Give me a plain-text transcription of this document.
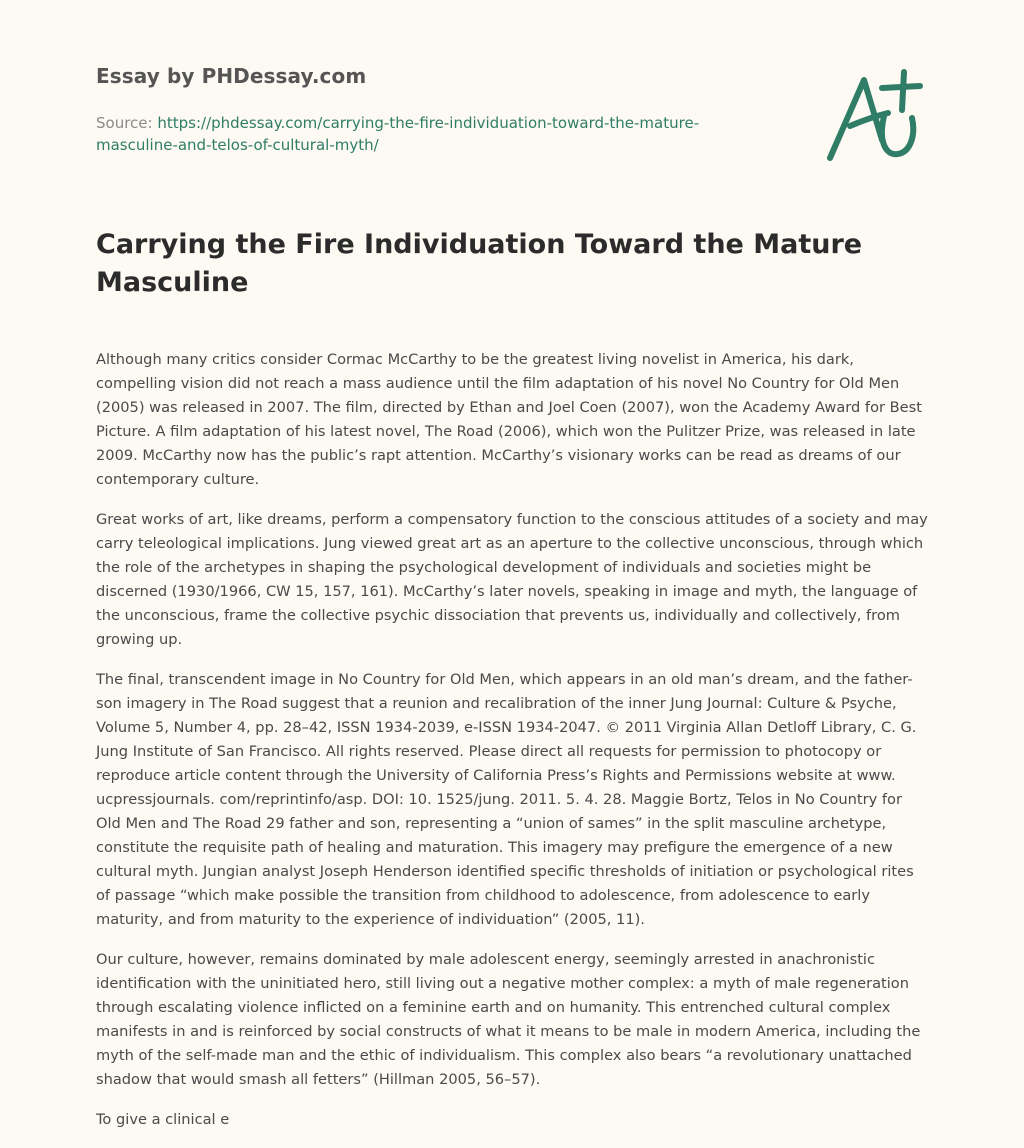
Essay by PHDessay.com
Source: https://phdessay.com/carrying-the-fire-individuation-toward-the-mature-
masculine-and-telos-of-cultural-myth/
Carrying the Fire Individuation Toward the Mature Masculine

Although many critics consider Cormac McCarthy to be the greatest living novelist in America, his dark, compelling vision did not reach a mass audience until the film adaptation of his novel No Country for Old Men (2005) was released in 2007. The film, directed by Ethan and Joel Coen (2007), won the Academy Award for Best Picture. A film adaptation of his latest novel, The Road (2006), which won the Pulitzer Prize, was released in late 2009. McCarthy now has the public’s rapt attention. McCarthy’s visionary works can be read as dreams of our contemporary culture.

Great works of art, like dreams, perform a compensatory function to the conscious attitudes of a society and may carry teleological implications. Jung viewed great art as an aperture to the collective unconscious, through which the role of the archetypes in shaping the psychological development of individuals and societies might be discerned (1930/1966, CW 15, 157, 161). McCarthy’s later novels, speaking in image and myth, the language of the unconscious, frame the collective psychic dissociation that prevents us, individually and collectively, from growing up.

The final, transcendent image in No Country for Old Men, which appears in an old man’s dream, and the father-son imagery in The Road suggest that a reunion and recalibration of the inner Jung Journal: Culture & Psyche, Volume 5, Number 4, pp. 28–42, ISSN 1934-2039, e-ISSN 1934-2047. © 2011 Virginia Allan Detloff Library, C. G. Jung Institute of San Francisco. All rights reserved. Please direct all requests for permission to photocopy or reproduce article content through the University of California Press’s Rights and Permissions website at www. ucpressjournals. com/reprintinfo/asp. DOI: 10. 1525/jung. 2011. 5. 4. 28. Maggie Bortz, Telos in No Country for Old Men and The Road 29 father and son, representing a “union of sames” in the split masculine archetype, constitute the requisite path of healing and maturation. This imagery may prefigure the emergence of a new cultural myth. Jungian analyst Joseph Henderson identified specific thresholds of initiation or psychological rites of passage “which make possible the transition from childhood to adolescence, from adolescence to early maturity, and from maturity to the experience of individuation” (2005, 11).

Our culture, however, remains dominated by male adolescent energy, seemingly arrested in anachronistic identification with the uninitiated hero, still living out a negative mother complex: a myth of male regeneration through escalating violence inflicted on a feminine earth and on humanity. This entrenched cultural complex manifests in and is reinforced by social constructs of what it means to be male in modern America, including the myth of the self-made man and the ethic of individualism. This complex also bears “a revolutionary unattached shadow that would smash all fetters” (Hillman 2005, 56–57).

To give a clinical e
